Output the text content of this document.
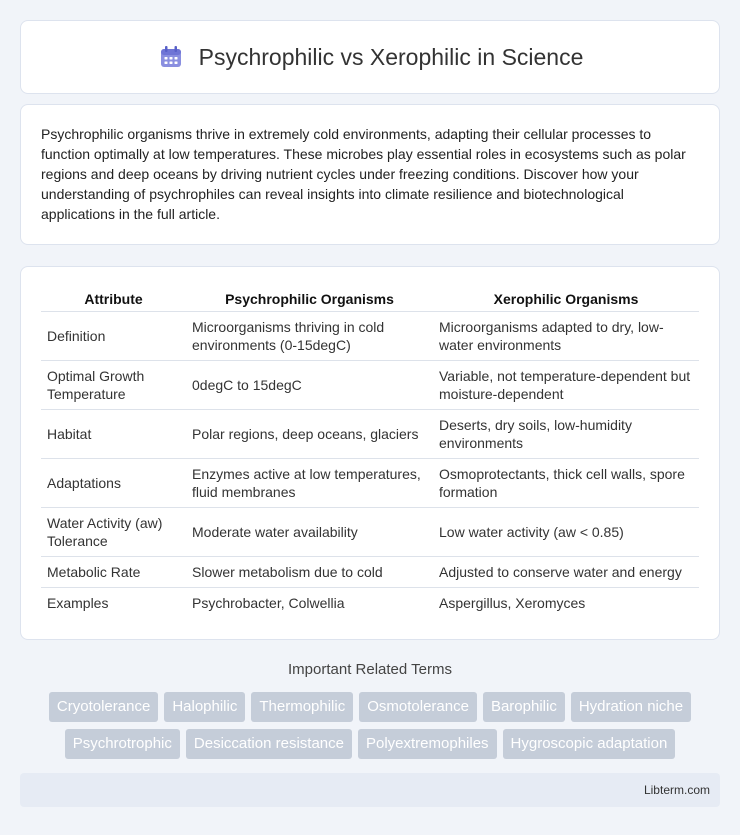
Psychrophilic vs Xerophilic in Science

Psychrophilic organisms thrive in extremely cold environments, adapting their cellular processes to function optimally at low temperatures. These microbes play essential roles in ecosystems such as polar regions and deep oceans by driving nutrient cycles under freezing conditions. Discover how your understanding of psychrophiles can reveal insights into climate resilience and biotechnological applications in the full article.

Attribute	Psychrophilic Organisms	Xerophilic Organisms
Definition	Microorganisms thriving in cold environments (0-15degC)	Microorganisms adapted to dry, low-water environments
Optimal Growth Temperature	0degC to 15degC	Variable, not temperature-dependent but moisture-dependent
Habitat	Polar regions, deep oceans, glaciers	Deserts, dry soils, low-humidity environments
Adaptations	Enzymes active at low temperatures, fluid membranes	Osmoprotectants, thick cell walls, spore formation
Water Activity (aw) Tolerance	Moderate water availability	Low water activity (aw < 0.85)
Metabolic Rate	Slower metabolism due to cold	Adjusted to conserve water and energy
Examples	Psychrobacter, Colwellia	Aspergillus, Xeromyces
Important Related Terms
Cryotolerance	Halophilic	Thermophilic	Osmotolerance	Barophilic	Hydration niche
Psychrotrophic	Desiccation resistance	Polyextremophiles	Hygroscopic adaptation
Libterm.com
